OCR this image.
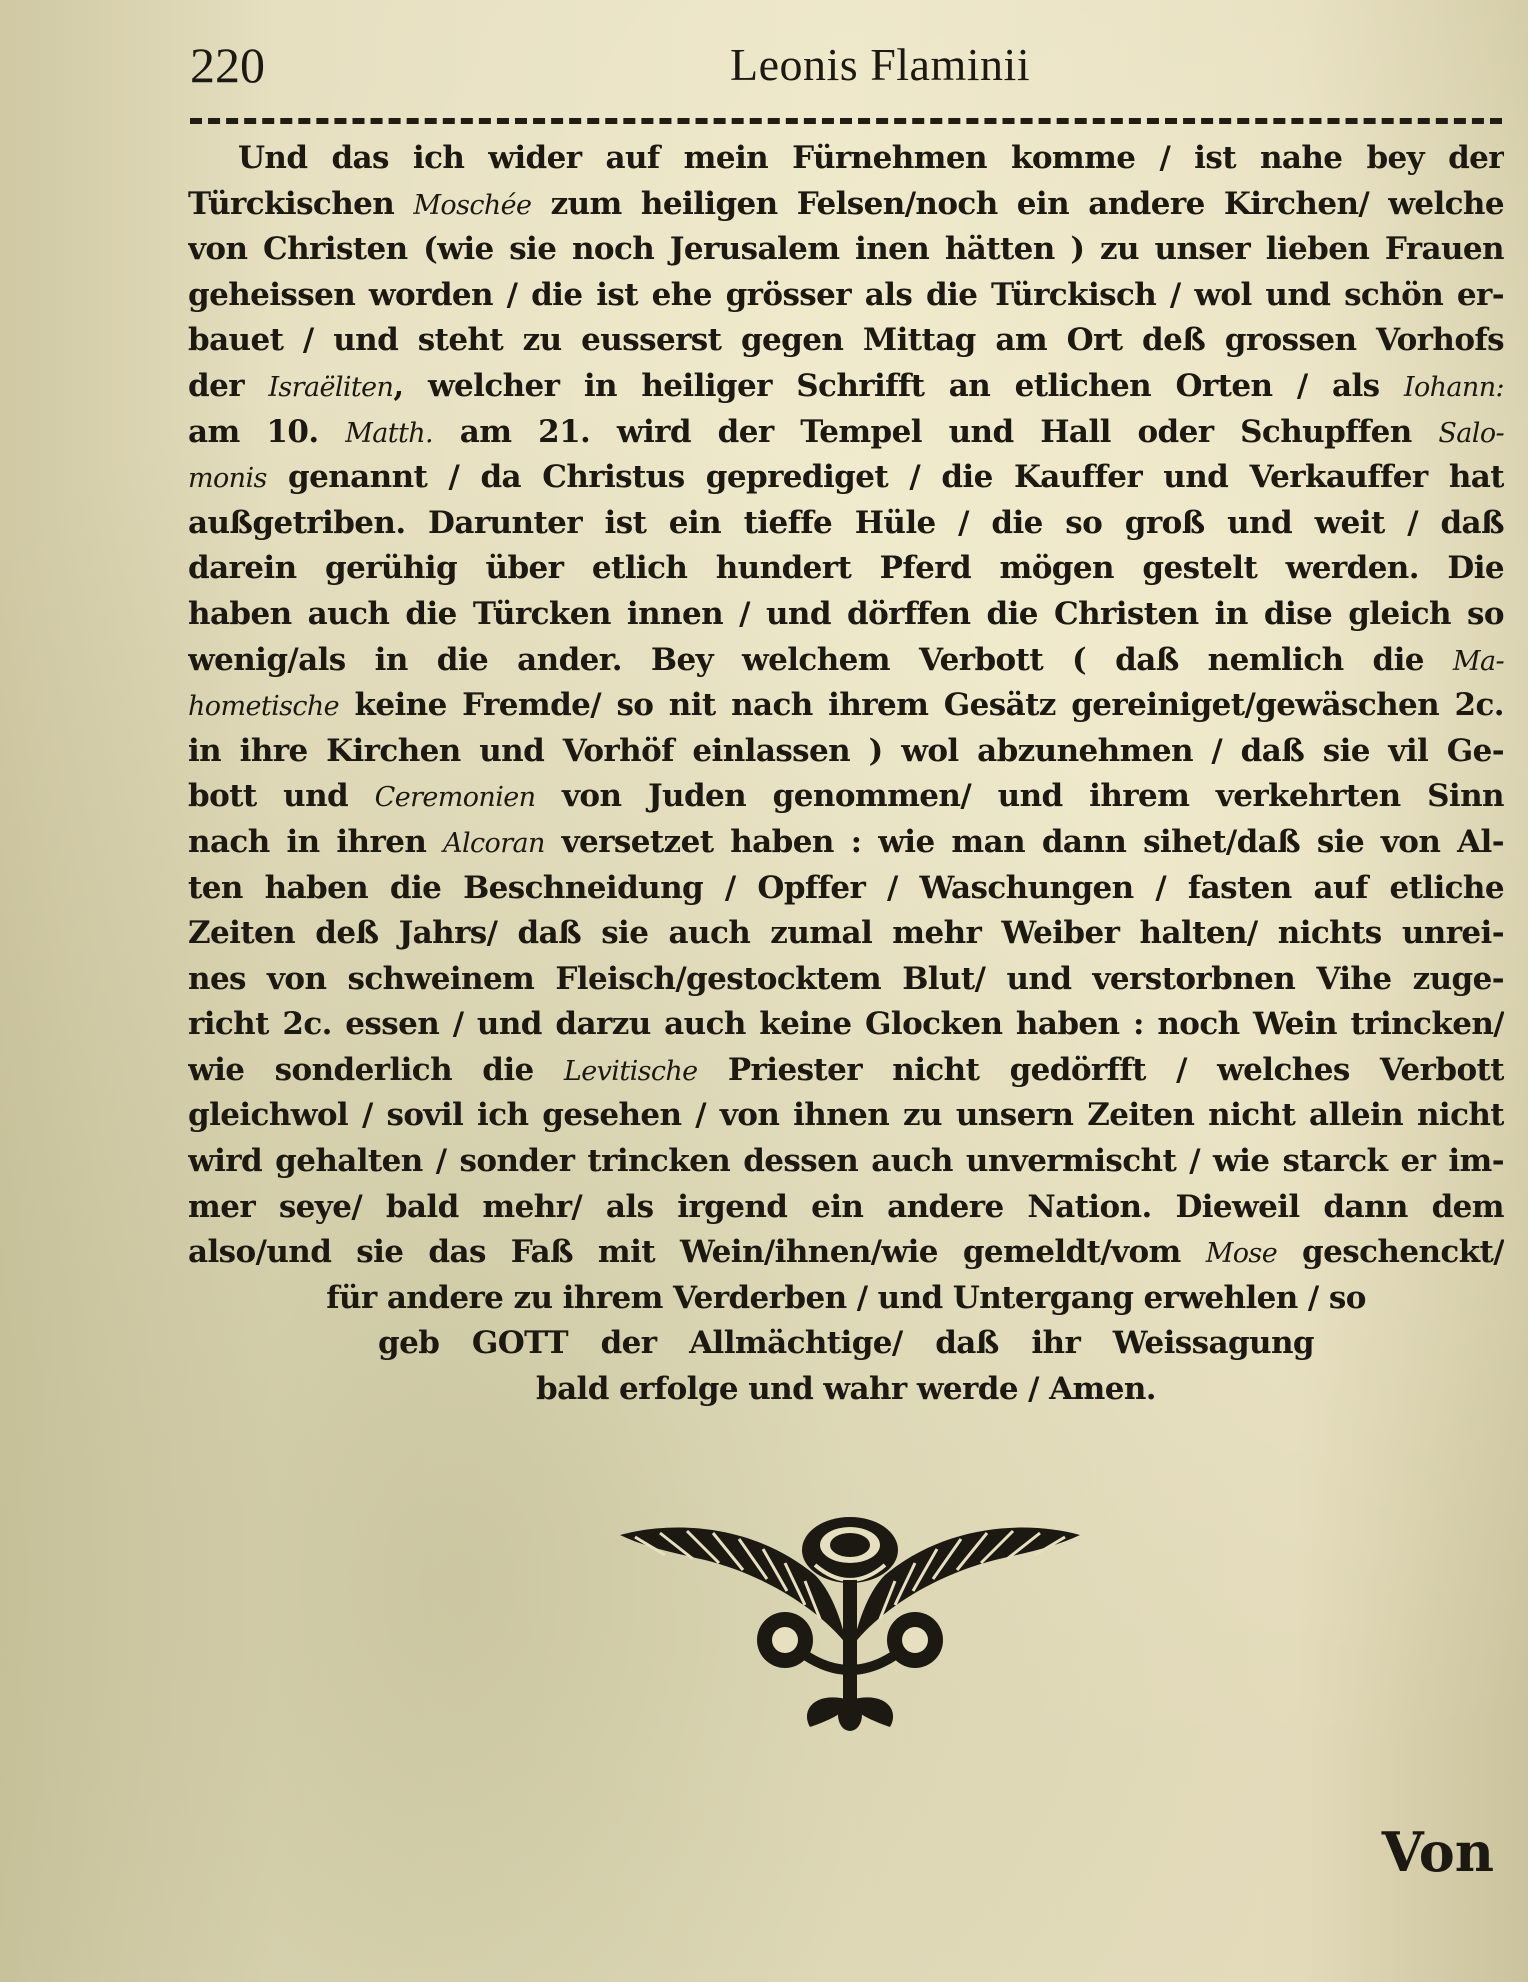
220	Leonis Flaminii
Und das ich wider auf mein Fürnehmen komme / ist nahe bey der
Türckischen Moschée zum heiligen Felsen/noch ein andere Kirchen/ welche
von Christen (wie sie noch Jerusalem inen hätten ) zu unser lieben Frauen
geheissen worden / die ist ehe grösser als die Türckisch / wol und schön er-
bauet / und steht zu eusserst gegen Mittag am Ort deß grossen Vorhofs
der Israëliten, welcher in heiliger Schrifft an etlichen Orten / als Iohann:
am 10. Matth. am 21. wird der Tempel und Hall oder Schupffen Salo-
monis genannt / da Christus geprediget / die Kauffer und Verkauffer hat
außgetriben. Darunter ist ein tieffe Hüle / die so groß und weit / daß
darein gerühig über etlich hundert Pferd mögen gestelt werden. Die
haben auch die Türcken innen / und dörffen die Christen in dise gleich so
wenig/als in die ander. Bey welchem Verbott ( daß nemlich die Ma-
hometische keine Fremde/ so nit nach ihrem Gesätz gereiniget/gewäschen 2c.
in ihre Kirchen und Vorhöf einlassen ) wol abzunehmen / daß sie vil Ge-
bott und Ceremonien von Juden genommen/ und ihrem verkehrten Sinn
nach in ihren Alcoran versetzet haben : wie man dann sihet/daß sie von Al-
ten haben die Beschneidung / Opffer / Waschungen / fasten auf etliche
Zeiten deß Jahrs/ daß sie auch zumal mehr Weiber halten/ nichts unrei-
nes von schweinem Fleisch/gestocktem Blut/ und verstorbnen Vihe zuge-
richt 2c. essen / und darzu auch keine Glocken haben : noch Wein trincken/
wie sonderlich die Levitische Priester nicht gedörfft / welches Verbott
gleichwol / sovil ich gesehen / von ihnen zu unsern Zeiten nicht allein nicht
wird gehalten / sonder trincken dessen auch unvermischt / wie starck er im-
mer seye/ bald mehr/ als irgend ein andere Nation. Dieweil dann dem
also/und sie das Faß mit Wein/ihnen/wie gemeldt/vom Mose geschenckt/
für andere zu ihrem Verderben / und Untergang erwehlen / so
geb GOTT der Allmächtige/ daß ihr Weissagung
bald erfolge und wahr werde / Amen.
Von
